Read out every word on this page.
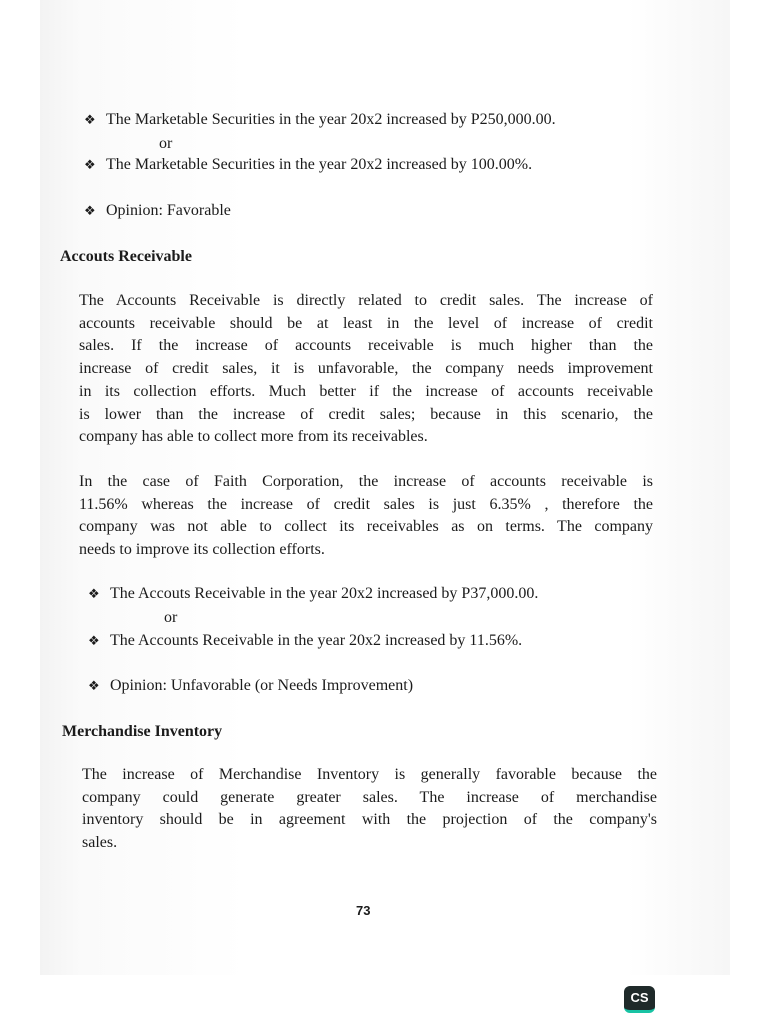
❖ The Marketable Securities in the year 20x2 increased by P250,000.00.
or
❖ The Marketable Securities in the year 20x2 increased by 100.00%.
❖ Opinion: Favorable
Accouts Receivable
The Accounts Receivable is directly related to credit sales. The increase of
accounts receivable should be at least in the level of increase of credit
sales. If the increase of accounts receivable is much higher than the
increase of credit sales, it is unfavorable, the company needs improvement
in its collection efforts. Much better if the increase of accounts receivable
is lower than the increase of credit sales; because in this scenario, the
company has able to collect more from its receivables.
In the case of Faith Corporation, the increase of accounts receivable is
11.56% whereas the increase of credit sales is just 6.35% , therefore the
company was not able to collect its receivables as on terms. The company
needs to improve its collection efforts.
❖ The Accouts Receivable in the year 20x2 increased by P37,000.00.
or
❖ The Accounts Receivable in the year 20x2 increased by 11.56%.
❖ Opinion: Unfavorable (or Needs Improvement)
Merchandise Inventory
The increase of Merchandise Inventory is generally favorable because the
company could generate greater sales. The increase of merchandise
inventory should be in agreement with the projection of the company's
sales.
73
CS
